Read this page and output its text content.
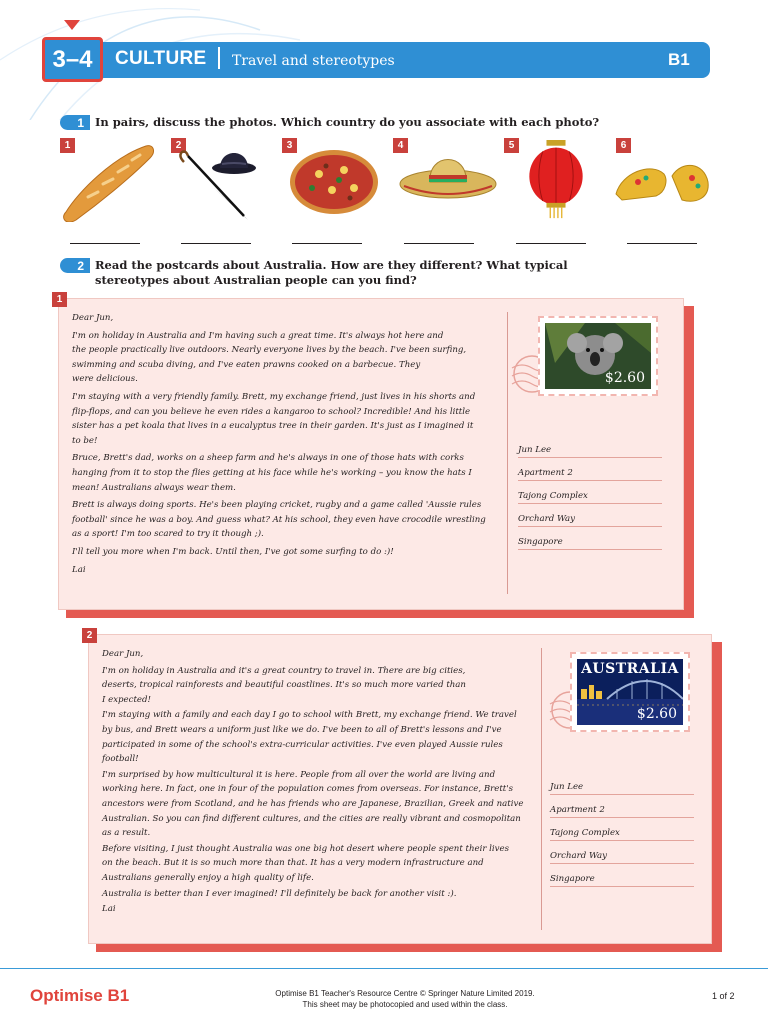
3–4	CULTURE Travel and stereotypes	B1
1 In pairs, discuss the photos. Which country do you associate with each photo?
1	2	3	4	5	6
2 Read the postcards about Australia. How are they different? What typical
stereotypes about Australian people can you find?
1

Dear Jun,

I'm on holiday in Australia and I'm having such a great time. It's always hot here and
the people practically live outdoors. Nearly everyone lives by the beach. I've been surfing,
swimming and scuba diving, and I've eaten prawns cooked on a barbecue. They
were delicious.

I'm staying with a very friendly family. Brett, my exchange friend, just lives in his shorts and
flip-flops, and can you believe he even rides a kangaroo to school? Incredible! And his little
sister has a pet koala that lives in a eucalyptus tree in their garden. It's just as I imagined it
to be!

Bruce, Brett's dad, works on a sheep farm and he's always in one of those hats with corks
hanging from it to stop the flies getting at his face while he's working – you know the hats I
mean! Australians always wear them.

Brett is always doing sports. He's been playing cricket, rugby and a game called 'Aussie rules
football' since he was a boy. And guess what? At his school, they even have crocodile wrestling
as a sport! I'm too scared to try it though ;).

I'll tell you more when I'm back. Until then, I've got some surfing to do :)!

Lai

$2.60
Jun Lee
Apartment 2
Tajong Complex
Orchard Way
Singapore
2

Dear Jun,

I'm on holiday in Australia and it's a great country to travel in. There are big cities,
deserts, tropical rainforests and beautiful coastlines. It's so much more varied than
I expected!

I'm staying with a family and each day I go to school with Brett, my exchange friend. We travel
by bus, and Brett wears a uniform just like we do. I've been to all of Brett's lessons and I've
participated in some of the school's extra-curricular activities. I've even played Aussie rules
football!

I'm surprised by how multicultural it is here. People from all over the world are living and
working here. In fact, one in four of the population comes from overseas. For instance, Brett's
ancestors were from Scotland, and he has friends who are Japanese, Brazilian, Greek and native
Australian. So you can find different cultures, and the cities are really vibrant and cosmopolitan
as a result.

Before visiting, I just thought Australia was one big hot desert where people spent their lives
on the beach. But it is so much more than that. It has a very modern infrastructure and
Australians generally enjoy a high quality of life.

Australia is better than I ever imagined! I'll definitely be back for another visit :).

Lai

AUSTRALIA
$2.60
Jun Lee
Apartment 2
Tajong Complex
Orchard Way
Singapore
Optimise B1	Optimise B1 Teacher's Resource Centre © Springer Nature Limited 2019.
This sheet may be photocopied and used within the class.
1 of 2
